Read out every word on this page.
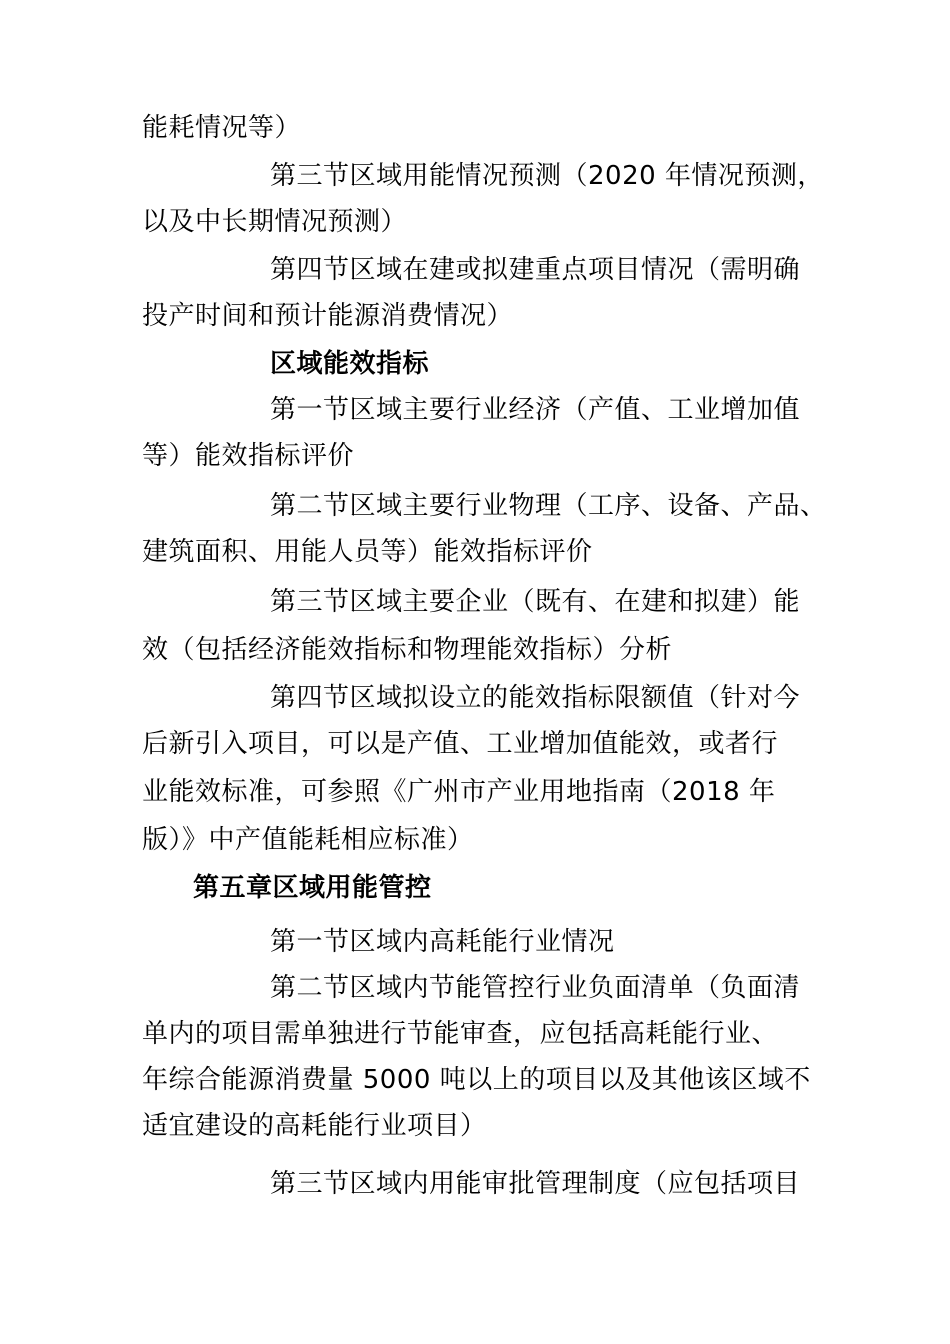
能耗情况等）
第三节区域用能情况预测（2020 年情况预测，
以及中长期情况预测）
第四节区域在建或拟建重点项目情况（需明确
投产时间和预计能源消费情况）
区域能效指标
第一节区域主要行业经济（产值、工业增加值
等）能效指标评价
第二节区域主要行业物理（工序、设备、产品、
建筑面积、用能人员等）能效指标评价
第三节区域主要企业（既有、在建和拟建）能
效（包括经济能效指标和物理能效指标）分析
第四节区域拟设立的能效指标限额值（针对今
后新引入项目，可以是产值、工业增加值能效，或者行
业能效标准，可参照《广州市产业用地指南（2018 年
版）》中产值能耗相应标准）
第五章区域用能管控
第一节区域内高耗能行业情况
第二节区域内节能管控行业负面清单（负面清
单内的项目需单独进行节能审查，应包括高耗能行业、
年综合能源消费量 5000 吨以上的项目以及其他该区域不
适宜建设的高耗能行业项目）
第三节区域内用能审批管理制度（应包括项目
